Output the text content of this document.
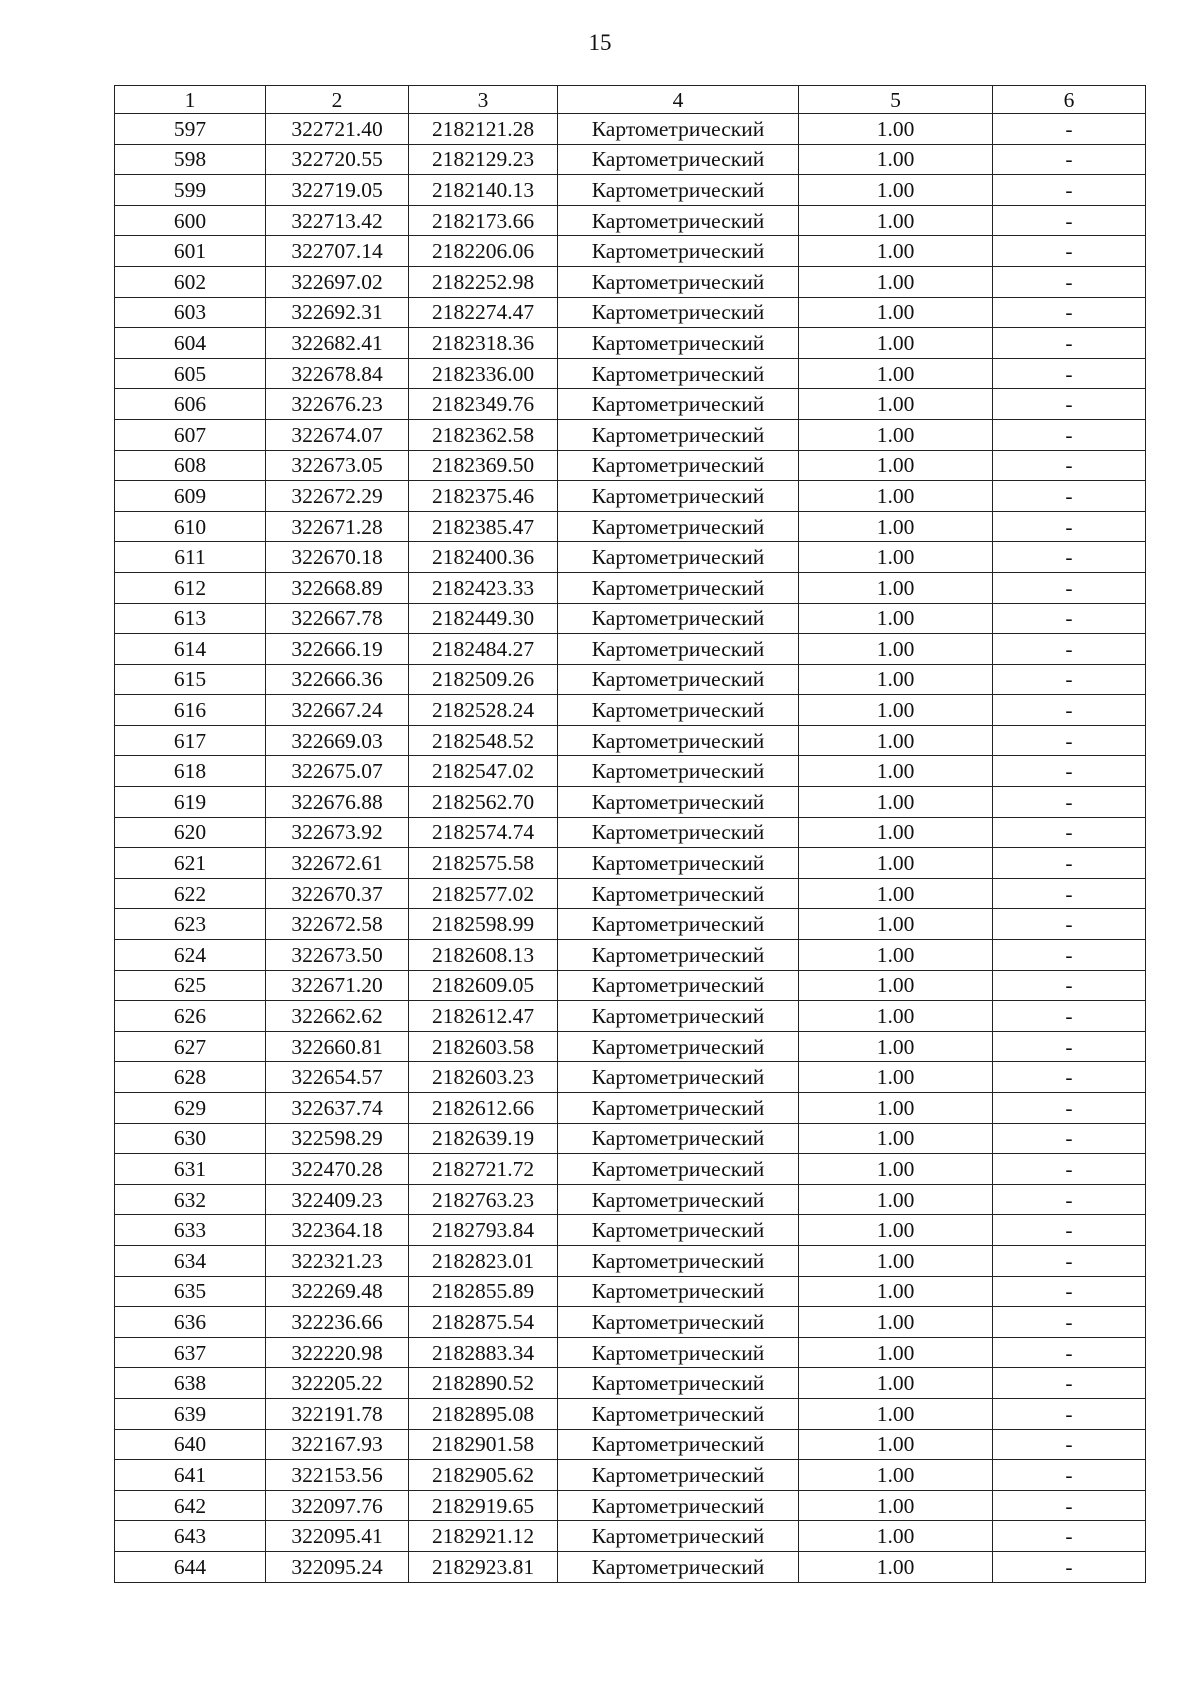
15
1	2	3	4	5	6
597	322721.40	2182121.28	Картометрический	1.00	-
598	322720.55	2182129.23	Картометрический	1.00	-
599	322719.05	2182140.13	Картометрический	1.00	-
600	322713.42	2182173.66	Картометрический	1.00	-
601	322707.14	2182206.06	Картометрический	1.00	-
602	322697.02	2182252.98	Картометрический	1.00	-
603	322692.31	2182274.47	Картометрический	1.00	-
604	322682.41	2182318.36	Картометрический	1.00	-
605	322678.84	2182336.00	Картометрический	1.00	-
606	322676.23	2182349.76	Картометрический	1.00	-
607	322674.07	2182362.58	Картометрический	1.00	-
608	322673.05	2182369.50	Картометрический	1.00	-
609	322672.29	2182375.46	Картометрический	1.00	-
610	322671.28	2182385.47	Картометрический	1.00	-
611	322670.18	2182400.36	Картометрический	1.00	-
612	322668.89	2182423.33	Картометрический	1.00	-
613	322667.78	2182449.30	Картометрический	1.00	-
614	322666.19	2182484.27	Картометрический	1.00	-
615	322666.36	2182509.26	Картометрический	1.00	-
616	322667.24	2182528.24	Картометрический	1.00	-
617	322669.03	2182548.52	Картометрический	1.00	-
618	322675.07	2182547.02	Картометрический	1.00	-
619	322676.88	2182562.70	Картометрический	1.00	-
620	322673.92	2182574.74	Картометрический	1.00	-
621	322672.61	2182575.58	Картометрический	1.00	-
622	322670.37	2182577.02	Картометрический	1.00	-
623	322672.58	2182598.99	Картометрический	1.00	-
624	322673.50	2182608.13	Картометрический	1.00	-
625	322671.20	2182609.05	Картометрический	1.00	-
626	322662.62	2182612.47	Картометрический	1.00	-
627	322660.81	2182603.58	Картометрический	1.00	-
628	322654.57	2182603.23	Картометрический	1.00	-
629	322637.74	2182612.66	Картометрический	1.00	-
630	322598.29	2182639.19	Картометрический	1.00	-
631	322470.28	2182721.72	Картометрический	1.00	-
632	322409.23	2182763.23	Картометрический	1.00	-
633	322364.18	2182793.84	Картометрический	1.00	-
634	322321.23	2182823.01	Картометрический	1.00	-
635	322269.48	2182855.89	Картометрический	1.00	-
636	322236.66	2182875.54	Картометрический	1.00	-
637	322220.98	2182883.34	Картометрический	1.00	-
638	322205.22	2182890.52	Картометрический	1.00	-
639	322191.78	2182895.08	Картометрический	1.00	-
640	322167.93	2182901.58	Картометрический	1.00	-
641	322153.56	2182905.62	Картометрический	1.00	-
642	322097.76	2182919.65	Картометрический	1.00	-
643	322095.41	2182921.12	Картометрический	1.00	-
644	322095.24	2182923.81	Картометрический	1.00	-
